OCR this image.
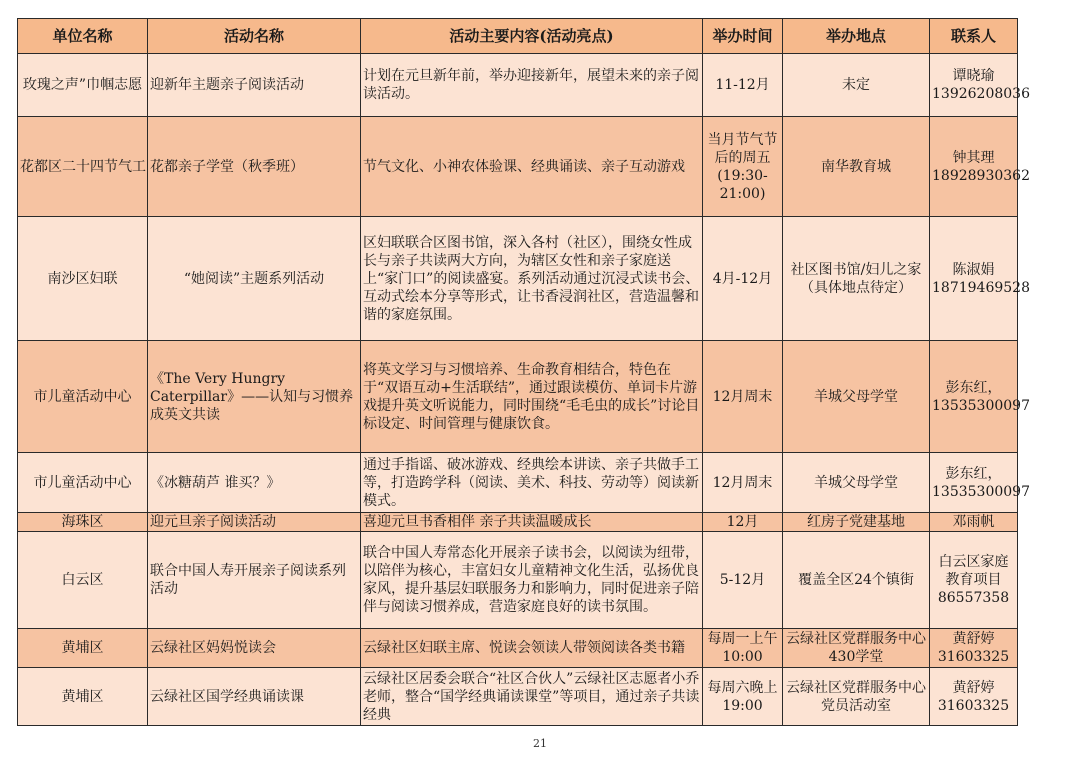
单位名称	活动名称	活动主要内容(活动亮点)	举办时间	举办地点	联系人
玫瑰之声”巾帼志愿	迎新年主题亲子阅读活动	计划在元旦新年前，举办迎接新年，展望未来的亲子阅读活动。	11-12月	未定	谭晓瑜 13926208036
花都区二十四节气工	花都亲子学堂（秋季班）	节气文化、小神农体验课、经典诵读、亲子互动游戏	当月节气节后的周五(19:30-21:00)	南华教育城	钟其理 18928930362
南沙区妇联	“她阅读”主题系列活动	区妇联联合区图书馆，深入各村（社区），围绕女性成长与亲子共读两大方向，为辖区女性和亲子家庭送上“家门口”的阅读盛宴。系列活动通过沉浸式读书会、互动式绘本分享等形式，让书香浸润社区，营造温馨和谐的家庭氛围。	4月-12月	社区图书馆/妇儿之家（具体地点待定）	陈淑娟 18719469528
市儿童活动中心	《The Very Hungry Caterpillar》——认知与习惯养成英文共读	将英文学习与习惯培养、生命教育相结合，特色在于“双语互动+生活联结”，通过跟读模仿、单词卡片游戏提升英文听说能力，同时围绕“毛毛虫的成长”讨论目标设定、时间管理与健康饮食。	12月周末	羊城父母学堂	彭东红，13535300097
市儿童活动中心	《冰糖葫芦 谁买？》	通过手指谣、破冰游戏、经典绘本讲读、亲子共做手工等，打造跨学科（阅读、美术、科技、劳动等）阅读新模式。	12月周末	羊城父母学堂	彭东红，13535300097
海珠区	迎元旦亲子阅读活动	喜迎元旦书香相伴 亲子共读温暖成长	12月	红房子党建基地	邓雨帆
白云区	联合中国人寿开展亲子阅读系列活动	联合中国人寿常态化开展亲子读书会，以阅读为纽带，以陪伴为核心，丰富妇女儿童精神文化生活，弘扬优良家风，提升基层妇联服务力和影响力，同时促进亲子陪伴与阅读习惯养成，营造家庭良好的读书氛围。	5-12月	覆盖全区24个镇街	白云区家庭教育项目 86557358
黄埔区	云绿社区妈妈悦读会	云绿社区妇联主席、悦读会领读人带领阅读各类书籍	每周一上午10:00	云绿社区党群服务中心430学堂	黄舒婷 31603325
黄埔区	云绿社区国学经典诵读课	云绿社区居委会联合“社区合伙人”云绿社区志愿者小乔老师，整合“国学经典诵读课堂”等项目，通过亲子共读经典	每周六晚上19:00	云绿社区党群服务中心党员活动室	黄舒婷 31603325
21
